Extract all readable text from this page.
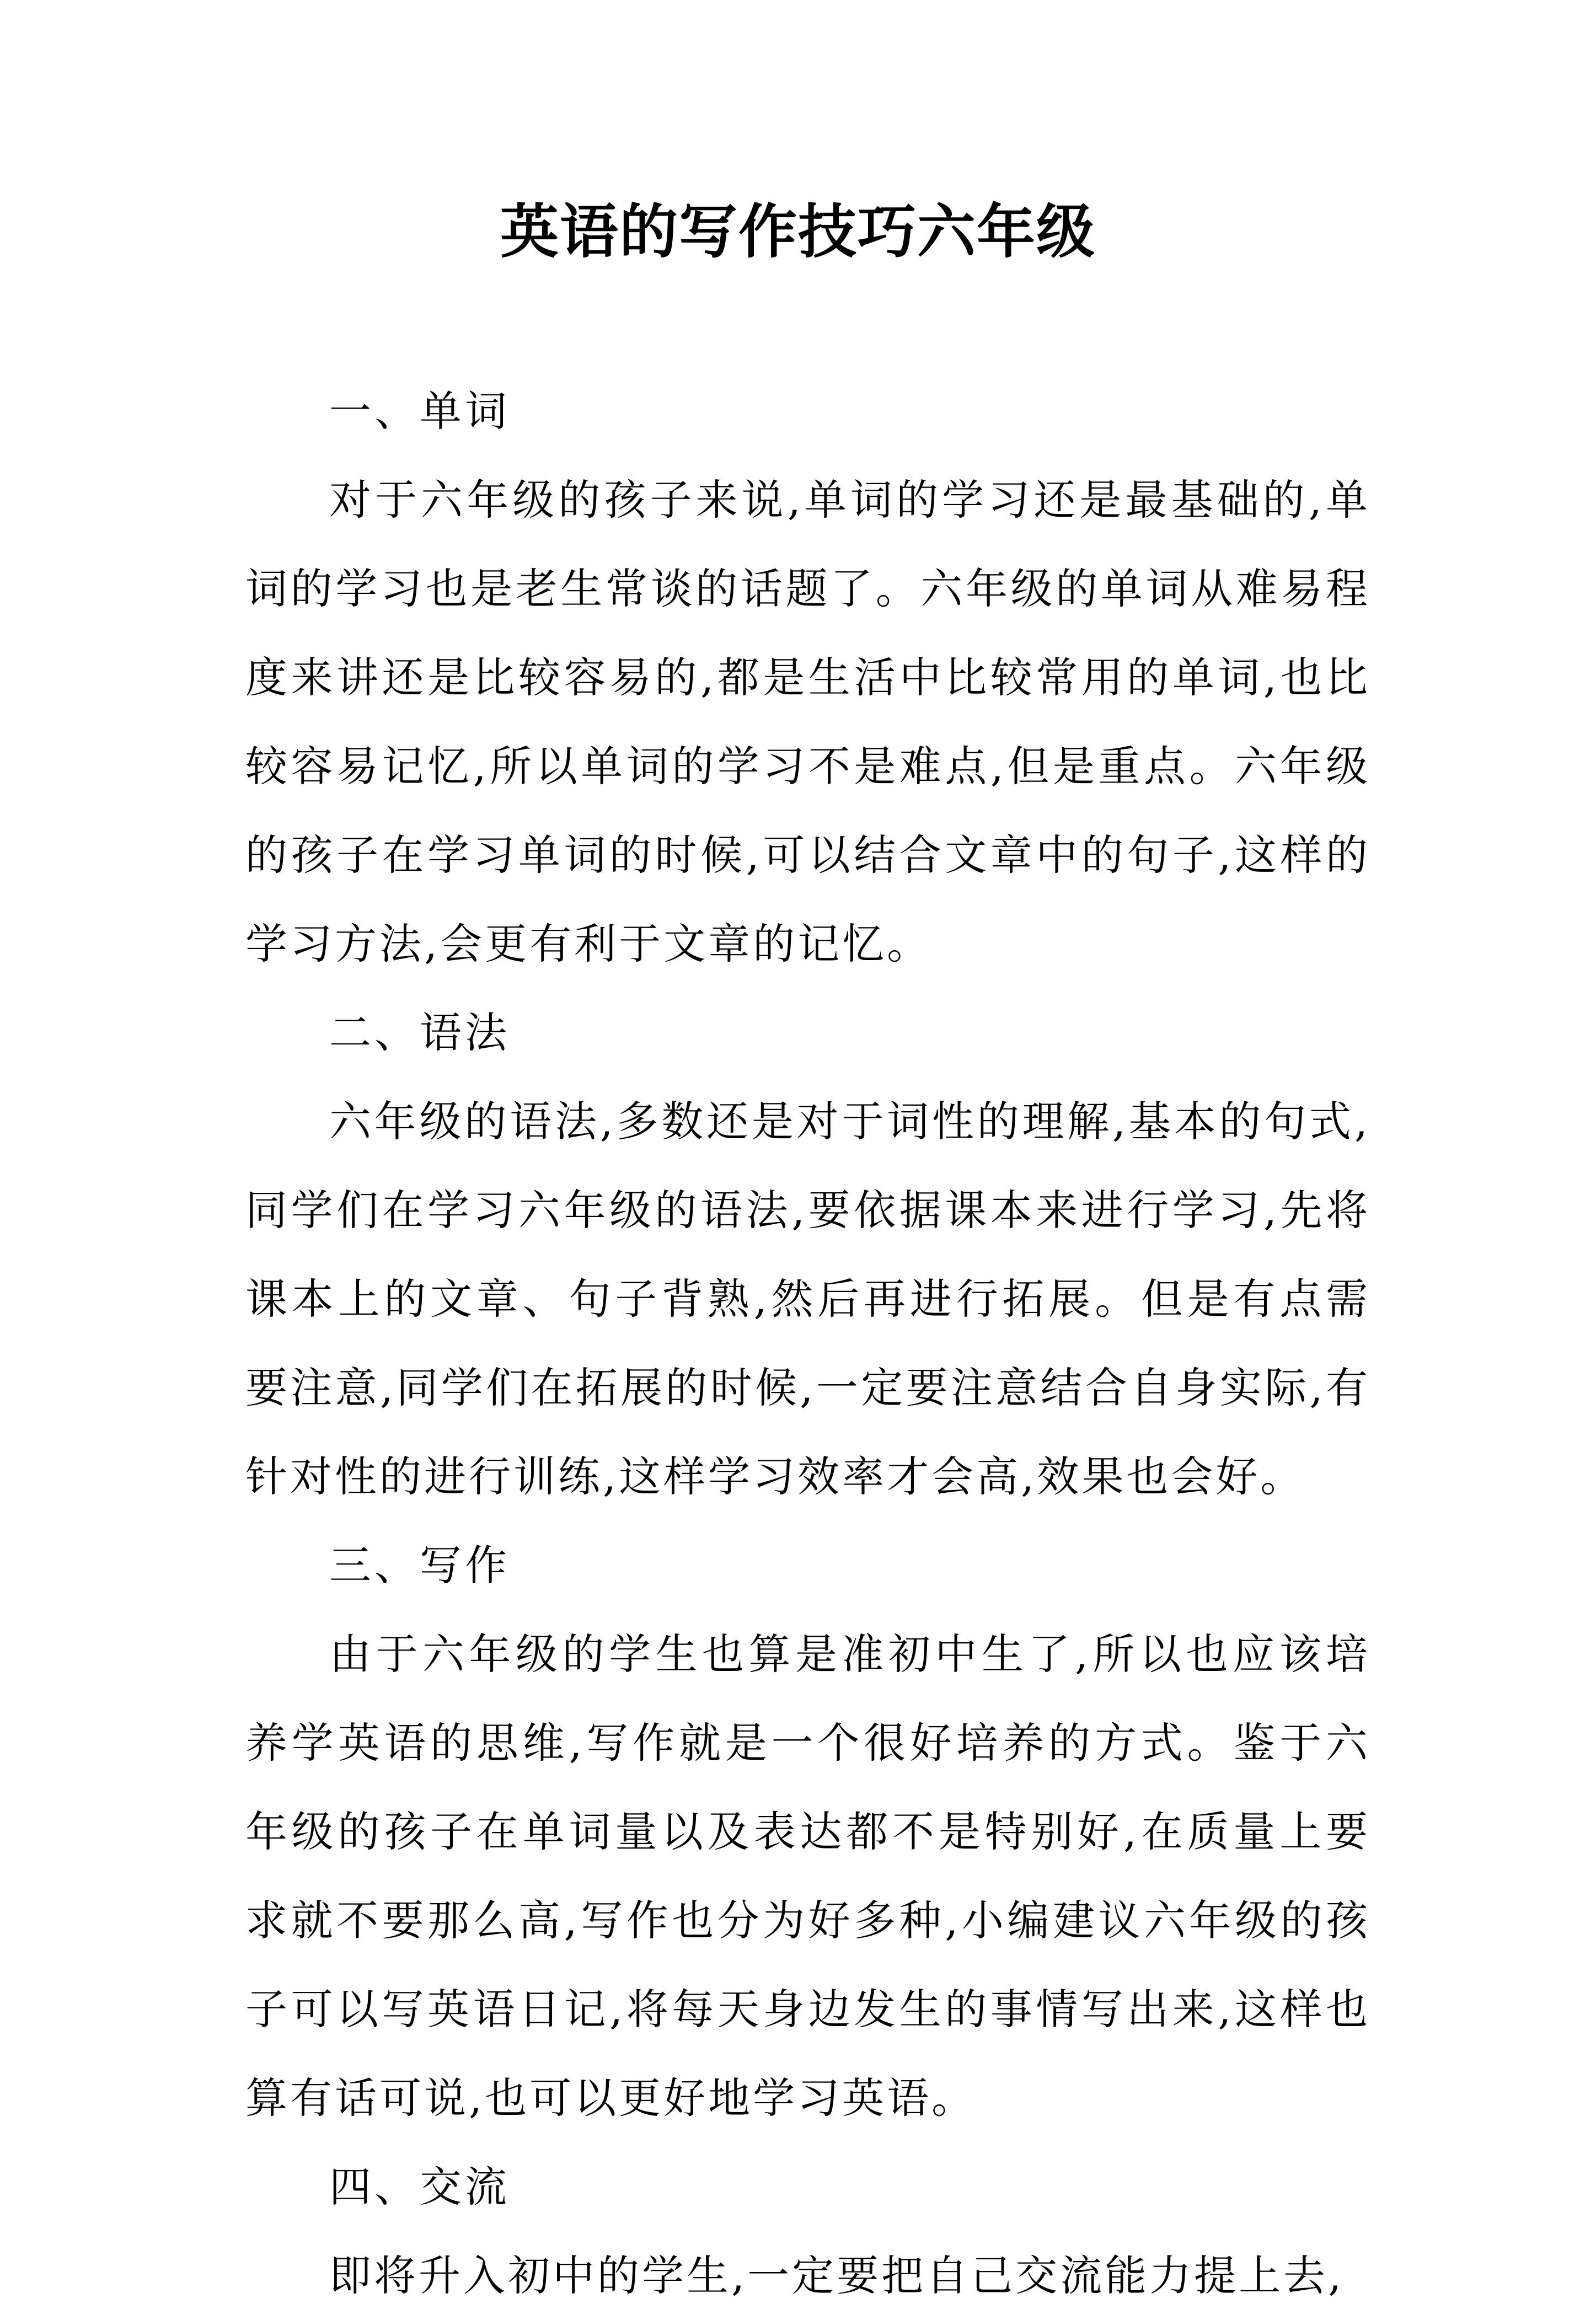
英语的写作技巧六年级

一、单词

对于六年级的孩子来说,单词的学习还是最基础的,单词的学习也是老生常谈的话题了。六年级的单词从难易程度来讲还是比较容易的,都是生活中比较常用的单词,也比较容易记忆,所以单词的学习不是难点,但是重点。六年级的孩子在学习单词的时候,可以结合文章中的句子,这样的学习方法,会更有利于文章的记忆。

二、语法

六年级的语法,多数还是对于词性的理解,基本的句式,同学们在学习六年级的语法,要依据课本来进行学习,先将课本上的文章、句子背熟,然后再进行拓展。但是有点需要注意,同学们在拓展的时候,一定要注意结合自身实际,有针对性的进行训练,这样学习效率才会高,效果也会好。

三、写作

由于六年级的学生也算是准初中生了,所以也应该培养学英语的思维,写作就是一个很好培养的方式。鉴于六年级的孩子在单词量以及表达都不是特别好,在质量上要求就不要那么高,写作也分为好多种,小编建议六年级的孩子可以写英语日记,将每天身边发生的事情写出来,这样也算有话可说,也可以更好地学习英语。

四、交流

即将升入初中的学生,一定要把自己交流能力提上去,
